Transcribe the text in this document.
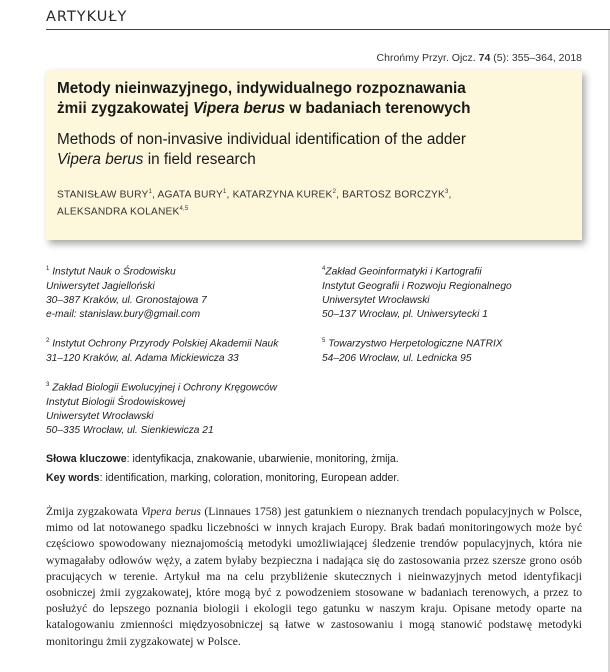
ARTYKUŁY
Chrońmy Przyr. Ojcz. 74 (5): 355–364, 2018
Metody nieinwazyjnego, indywidualnego rozpoznawania
żmii zygzakowatej Vipera berus w badaniach terenowych
Methods of non-invasive individual identification of the adder
Vipera berus in field research
STANISŁAW BURY$^1$, AGATA BURY$^1$, KATARZYNA KUREK$^2$, BARTOSZ BORCZYK$^3$,
ALEKSANDRA KOLANEK$^{4,5}$
$^1$ Instytut Nauk o Środowisku
Uniwersytet Jagielloński
30–387 Kraków, ul. Gronostajowa 7
e-mail: stanislaw.bury@gmail.com
$^2$ Instytut Ochrony Przyrody Polskiej Akademii Nauk
31–120 Kraków, al. Adama Mickiewicza 33
$^3$ Zakład Biologii Ewolucyjnej i Ochrony Kręgowców
Instytut Biologii Środowiskowej
Uniwersytet Wrocławski
50–335 Wrocław, ul. Sienkiewicza 21
$^4$Zakład Geoinformatyki i Kartografii
Instytut Geografii i Rozwoju Regionalnego
Uniwersytet Wrocławski
50–137 Wrocław, pl. Uniwersytecki 1
$^5$ Towarzystwo Herpetologiczne NATRIX
54–206 Wrocław, ul. Lednicka 95
Słowa kluczowe: identyfikacja, znakowanie, ubarwienie, monitoring, żmija.
Key words: identification, marking, coloration, monitoring, European adder.
Żmija zygzakowata Vipera berus (Linnaues 1758) jest gatunkiem o nieznanych trendach populacyjnych w Polsce, mimo od lat notowanego spadku liczebności w innych krajach Europy. Brak badań monitoringowych może być częściowo spowodowany nieznajomością metodyki umożliwiającej śledzenie trendów populacyjnych, która nie wymagałaby odłowów węży, a zatem byłaby bezpieczna i nadająca się do zastosowania przez szersze grono osób pracujących w terenie. Artykuł ma na celu przybliżenie skutecznych i nieinwazyjnych metod identyfikacji osobniczej żmii zygzakowatej, które mogą być z powodzeniem stosowane w badaniach terenowych, a przez to posłużyć do lepszego poznania biologii i ekologii tego gatunku w naszym kraju. Opisane metody oparte na katalogowaniu zmienności międzyosobniczej są łatwe w zastosowaniu i mogą stanowić podstawę metodyki monitoringu żmii zygzakowatej w Polsce.
